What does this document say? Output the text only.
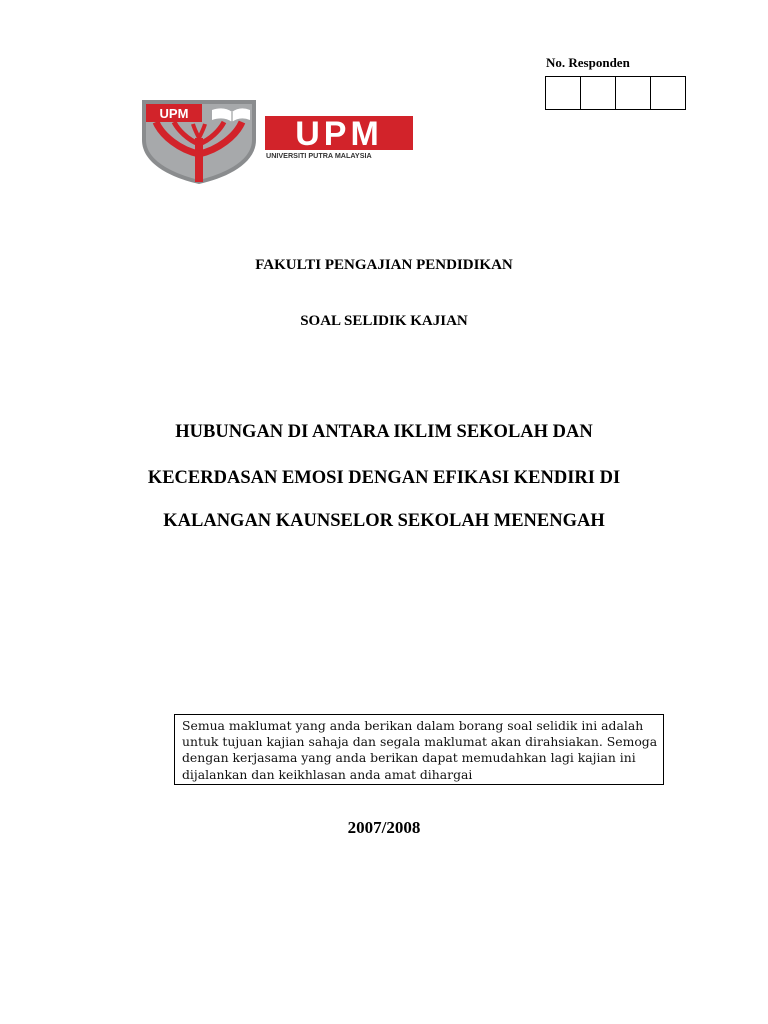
No. Responden
UPM
UPM
UNIVERSITI PUTRA MALAYSIA
FAKULTI PENGAJIAN PENDIDIKAN
SOAL SELIDIK KAJIAN
HUBUNGAN DI ANTARA IKLIM SEKOLAH DAN
KECERDASAN EMOSI DENGAN EFIKASI KENDIRI DI
KALANGAN KAUNSELOR SEKOLAH MENENGAH
Semua maklumat yang anda berikan dalam borang soal selidik ini adalah
untuk tujuan kajian sahaja dan segala maklumat akan dirahsiakan. Semoga
dengan kerjasama yang anda berikan dapat memudahkan lagi kajian ini
dijalankan dan keikhlasan anda amat dihargai
2007/2008
